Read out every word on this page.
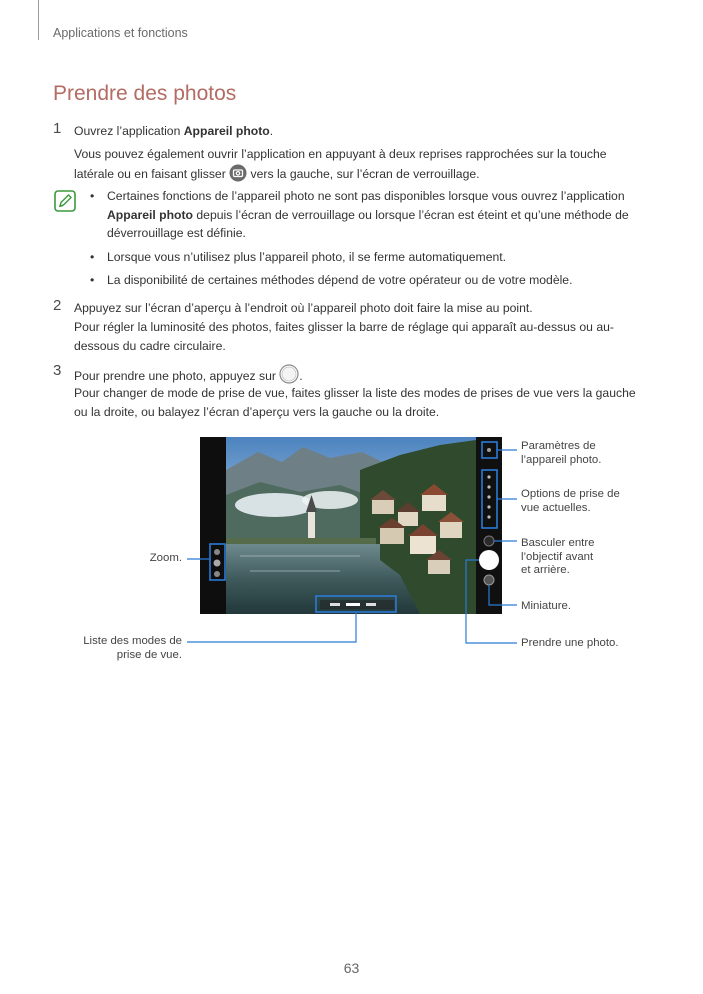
Applications et fonctions
Prendre des photos
1 Ouvrez l’application Appareil photo.
Vous pouvez également ouvrir l’application en appuyant à deux reprises rapprochées sur la touche latérale ou en faisant glisser  vers la gauche, sur l’écran de verrouillage.
• Certaines fonctions de l’appareil photo ne sont pas disponibles lorsque vous ouvrez l’application Appareil photo depuis l’écran de verrouillage ou lorsque l’écran est éteint et qu’une méthode de déverrouillage est définie.
• Lorsque vous n’utilisez plus l’appareil photo, il se ferme automatiquement.
• La disponibilité de certaines méthodes dépend de votre opérateur ou de votre modèle.
2 Appuyez sur l’écran d’aperçu à l’endroit où l’appareil photo doit faire la mise au point.
Pour régler la luminosité des photos, faites glisser la barre de réglage qui apparaît au-dessus ou au-dessous du cadre circulaire.
3 Pour prendre une photo, appuyez sur .
Pour changer de mode de prise de vue, faites glisser la liste des modes de prises de vue vers la gauche ou la droite, ou balayez l’écran d’aperçu vers la gauche ou la droite.
Paramètres de
l’appareil photo.
Options de prise de
vue actuelles.
Basculer entre
l’objectif avant
et arrière.
Miniature.
Prendre une photo.
Zoom.
Liste des modes de
prise de vue.
63
